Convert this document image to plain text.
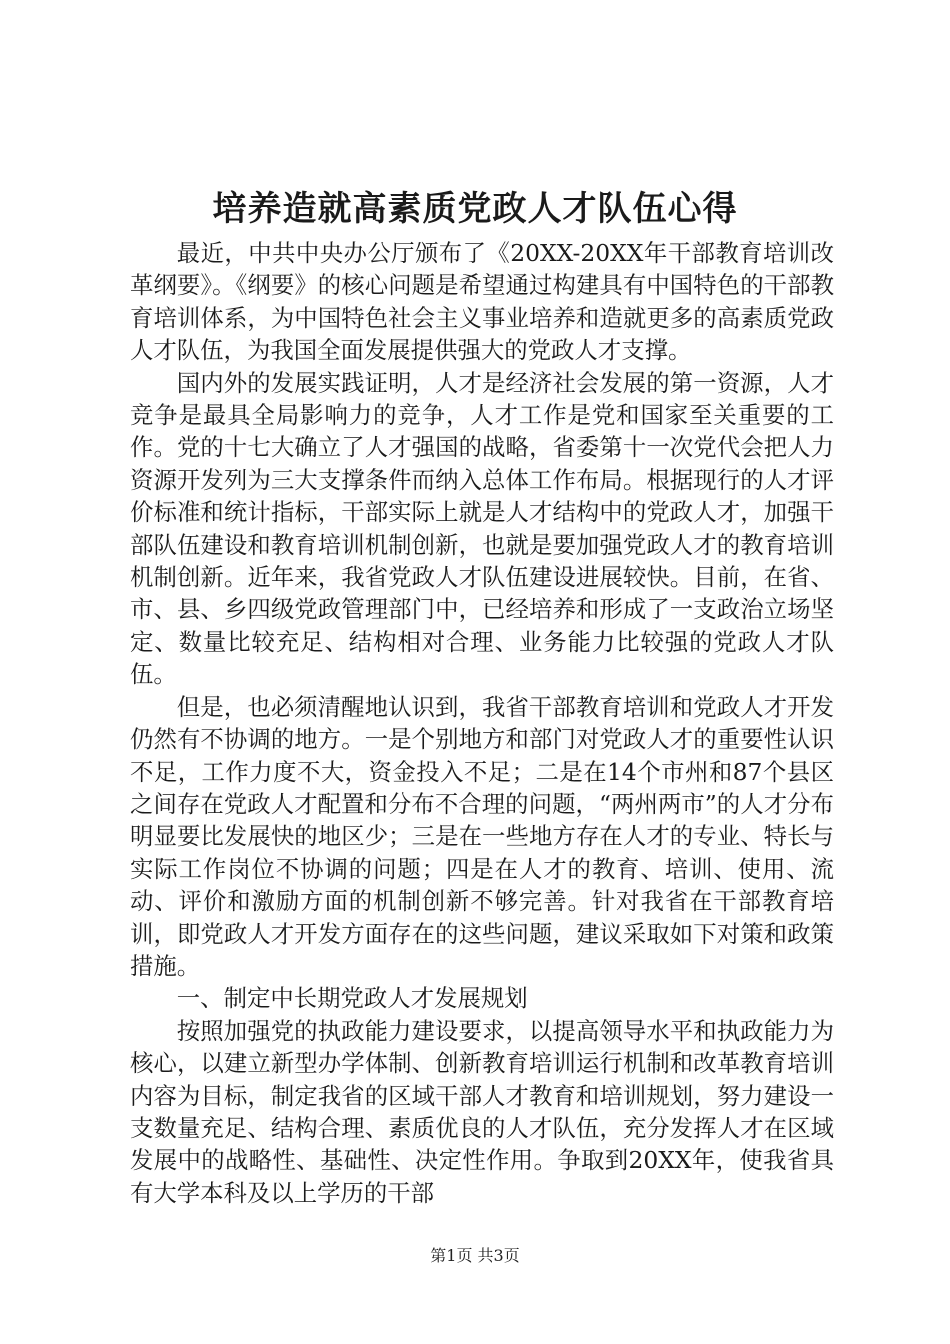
培养造就高素质党政人才队伍心得

最近，中共中央办公厅颁布了《20XX-20XX年干部教育培训改革纲要》。《纲要》的核心问题是希望通过构建具有中国特色的干部教育培训体系，为中国特色社会主义事业培养和造就更多的高素质党政人才队伍，为我国全面发展提供强大的党政人才支撑。

国内外的发展实践证明，人才是经济社会发展的第一资源，人才竞争是最具全局影响力的竞争，人才工作是党和国家至关重要的工作。党的十七大确立了人才强国的战略，省委第十一次党代会把人力资源开发列为三大支撑条件而纳入总体工作布局。根据现行的人才评价标准和统计指标，干部实际上就是人才结构中的党政人才，加强干部队伍建设和教育培训机制创新，也就是要加强党政人才的教育培训机制创新。近年来，我省党政人才队伍建设进展较快。目前，在省、市、县、乡四级党政管理部门中，已经培养和形成了一支政治立场坚定、数量比较充足、结构相对合理、业务能力比较强的党政人才队伍。

但是，也必须清醒地认识到，我省干部教育培训和党政人才开发仍然有不协调的地方。一是个别地方和部门对党政人才的重要性认识不足，工作力度不大，资金投入不足；二是在14个市州和87个县区之间存在党政人才配置和分布不合理的问题，“两州两市”的人才分布明显要比发展快的地区少；三是在一些地方存在人才的专业、特长与实际工作岗位不协调的问题；四是在人才的教育、培训、使用、流动、评价和激励方面的机制创新不够完善。针对我省在干部教育培训，即党政人才开发方面存在的这些问题，建议采取如下对策和政策措施。

一、制定中长期党政人才发展规划

按照加强党的执政能力建设要求，以提高领导水平和执政能力为核心，以建立新型办学体制、创新教育培训运行机制和改革教育培训内容为目标，制定我省的区域干部人才教育和培训规划，努力建设一支数量充足、结构合理、素质优良的人才队伍，充分发挥人才在区域发展中的战略性、基础性、决定性作用。争取到20XX年，使我省具有大学本科及以上学历的干部

第1页 共3页
